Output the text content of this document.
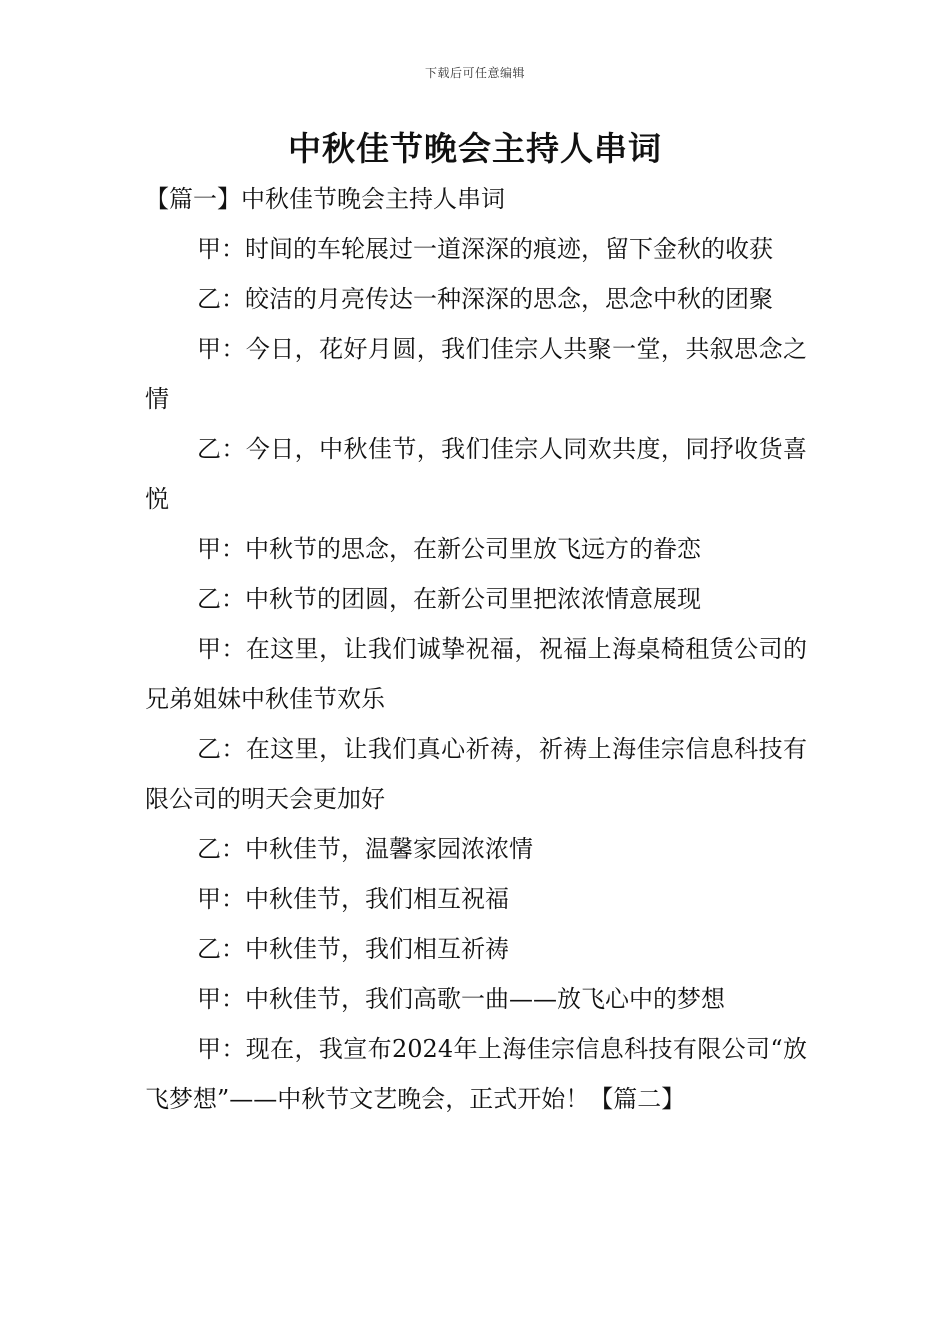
下载后可任意编辑
中秋佳节晚会主持人串词

【篇一】中秋佳节晚会主持人串词

甲：时间的车轮展过一道深深的痕迹，留下金秋的收获

乙：皎洁的月亮传达一种深深的思念，思念中秋的团聚

甲：今日，花好月圆，我们佳宗人共聚一堂，共叙思念之情

乙：今日，中秋佳节，我们佳宗人同欢共度，同抒收货喜悦

甲：中秋节的思念，在新公司里放飞远方的眷恋

乙：中秋节的团圆，在新公司里把浓浓情意展现

甲：在这里，让我们诚挚祝福，祝福上海桌椅租赁公司的兄弟姐妹中秋佳节欢乐

乙：在这里，让我们真心祈祷，祈祷上海佳宗信息科技有限公司的明天会更加好

乙：中秋佳节，温馨家园浓浓情

甲：中秋佳节，我们相互祝福

乙：中秋佳节，我们相互祈祷

甲：中秋佳节，我们高歌一曲——放飞心中的梦想

甲：现在，我宣布2024年上海佳宗信息科技有限公司“放飞梦想”——中秋节文艺晚会，正式开始！【篇二】
